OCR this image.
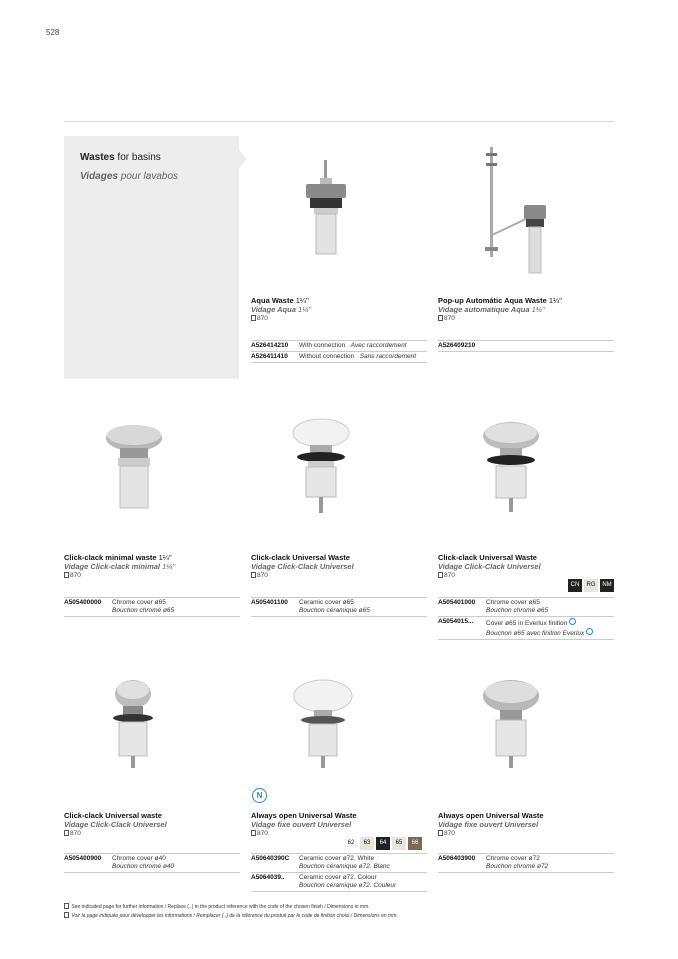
528
Wastes for basins
Vidages pour lavabos
Aqua Waste 1¼"
Vidage Aqua 1¼"
870
A526414210	With connection Avec raccordement
A526411410	Without connection Sans raccordement
Pop-up Automátic Aqua Waste 1¼"
Vidage automatique Aqua 1¼"
870
A526409210
Click-clack minimal waste 1¼"
Vidage Click-clack minimal 1¼"
870
A505400000	Chrome cover ø65
Bouchon chromé ø65
Click-clack Universal Waste
Vidage Click-Clack Universel
870
A505401100	Ceramic cover ø65
Bouchon céramique ø65
Click-clack Universal Waste
Vidage Click-Clack Universel
870
CN	RG	NM
A505401000	Chrome cover ø65
Bouchon chromé ø65
A5054015...	Cover ø65 in Everlux finition
Bouchon ø65 avec finition Everlux
Click-clack Universal waste
Vidage Click-Clack Universel
870
A505400900	Chrome cover ø40
Bouchon chromé ø40
N
Always open Universal Waste
Vidage fixe ouvert Universel
870
62	63	64	65	66
A50640390C	Ceramic cover ø72. White
Bouchon céramique ø72. Blanc
A5064039..	Ceramic cover ø72. Colour
Bouchon céramique ø72. Couleur
Always open Universal Waste
Vidage fixe ouvert Universel
870
A506403900	Chrome cover ø72
Bouchon chromé ø72
See indicated page for further information / Replace (..) in the product reference with the code of the chosen finish / Dimensions in mm.
Voir la page indiquée pour développer les informations / Remplacer (..) de la référence du produit par le code de finition choisi / Dimensions en mm.
